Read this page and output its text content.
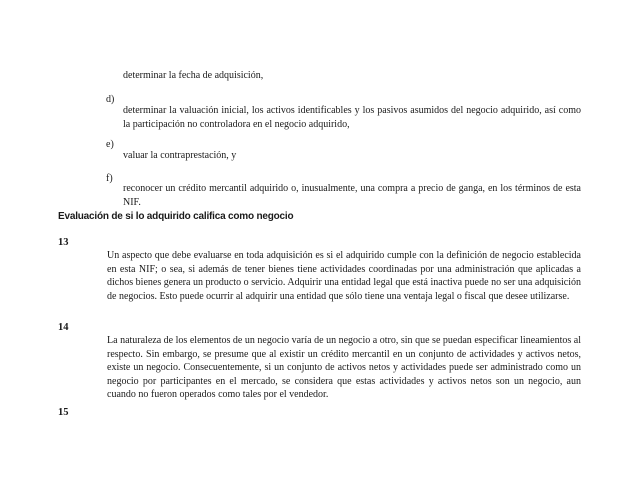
determinar la fecha de adquisición,
d)
determinar la valuación inicial, los activos identificables y los pasivos asumidos del negocio adquirido, así como la participación no controladora en el negocio adquirido,
e)
valuar la contraprestación, y
f)
reconocer un crédito mercantil adquirido o, inusualmente, una compra a precio de ganga, en los términos de esta NIF.
Evaluación de si lo adquirido califica como negocio
13
Un aspecto que debe evaluarse en toda adquisición es si el adquirido cumple con la definición de negocio establecida en esta NIF; o sea, si además de tener bienes tiene actividades coordinadas por una administración que aplicadas a dichos bienes genera un producto o servicio. Adquirir una entidad legal que está inactiva puede no ser una adquisición de negocios. Esto puede ocurrir al adquirir una entidad que sólo tiene una ventaja legal o fiscal que desee utilizarse.
14
La naturaleza de los elementos de un negocio varía de un negocio a otro, sin que se puedan especificar lineamientos al respecto. Sin embargo, se presume que al existir un crédito mercantil en un conjunto de actividades y activos netos, existe un negocio. Consecuentemente, si un conjunto de activos netos y actividades puede ser administrado como un negocio por participantes en el mercado, se considera que estas actividades y activos netos son un negocio, aun cuando no fueron operados como tales por el vendedor.
15
